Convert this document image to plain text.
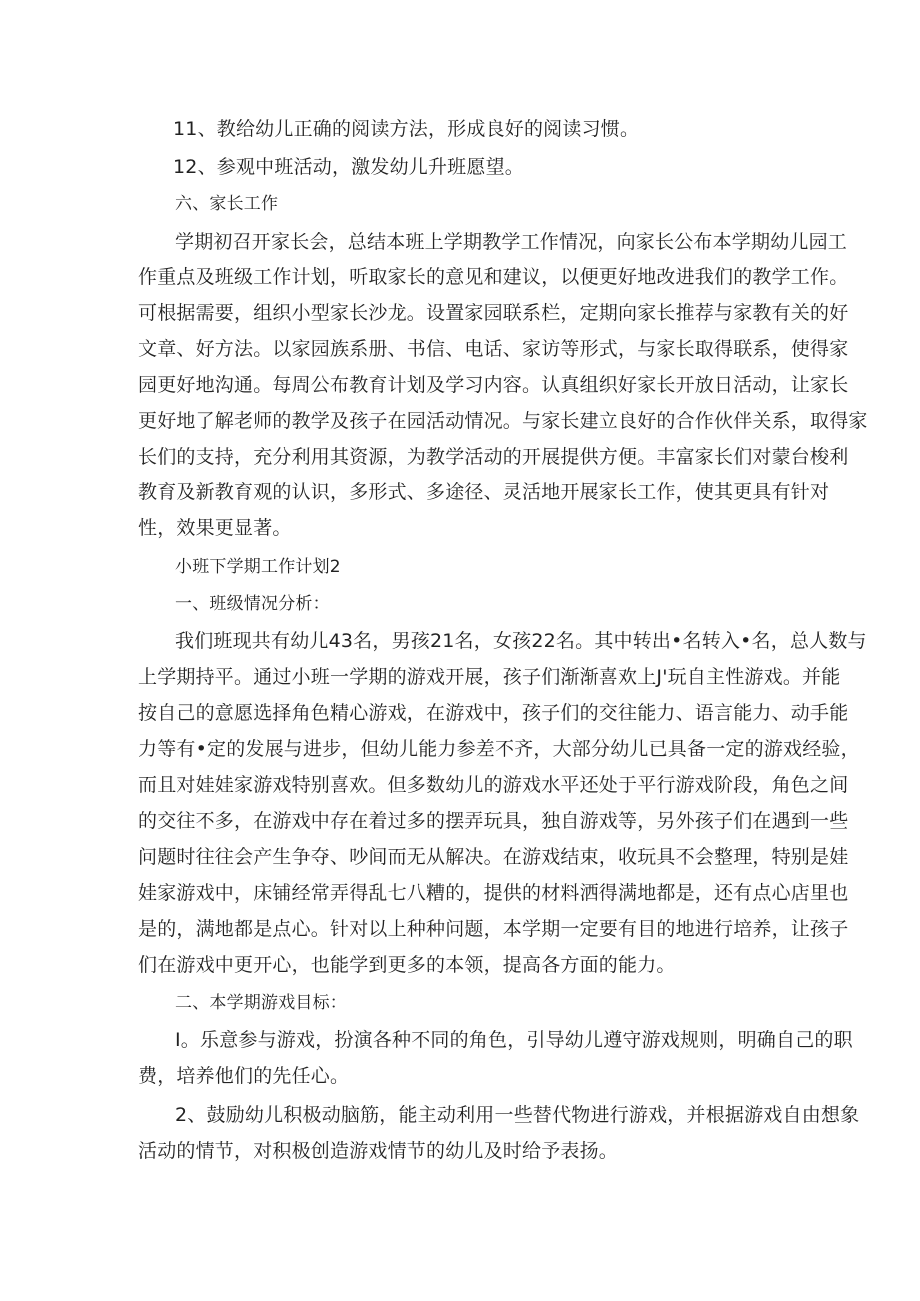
11、教给幼儿正确的阅读方法，形成良好的阅读习惯。
12、参观中班活动，激发幼儿升班愿望。
六、家长工作
学期初召开家长会，总结本班上学期教学工作情况，向家长公布本学期幼儿园工
作重点及班级工作计划，听取家长的意见和建议，以便更好地改进我们的教学工作。
可根据需要，组织小型家长沙龙。设置家园联系栏，定期向家长推荐与家教有关的好
文章、好方法。以家园族系册、书信、电话、家访等形式，与家长取得联系，使得家
园更好地沟通。每周公布教育计划及学习内容。认真组织好家长开放日活动，让家长
更好地了解老师的教学及孩子在园活动情况。与家长建立良好的合作伙伴关系，取得家
长们的支持，充分利用其资源，为教学活动的开展提供方便。丰富家长们对蒙台梭利
教育及新教育观的认识，多形式、多途径、灵活地开展家长工作，使其更具有针对
性，效果更显著。
小班下学期工作计划2
一、班级情况分析：
我们班现共有幼儿43名，男孩21名，女孩22名。其中转出•名转入•名，总人数与
上学期持平。通过小班一学期的游戏开展，孩子们渐渐喜欢上J'玩自主性游戏。并能
按自己的意愿选择角色精心游戏，在游戏中，孩子们的交往能力、语言能力、动手能
力等有•定的发展与进步，但幼儿能力参差不齐，大部分幼儿已具备一定的游戏经验，
而且对娃娃家游戏特别喜欢。但多数幼儿的游戏水平还处于平行游戏阶段，角色之间
的交往不多，在游戏中存在着过多的摆弄玩具，独自游戏等，另外孩子们在遇到一些
问题时往往会产生争夺、吵间而无从解决。在游戏结束，收玩具不会整理，特别是娃
娃家游戏中，床铺经常弄得乱七八糟的，提供的材料洒得满地都是，还有点心店里也
是的，满地都是点心。针对以上种种问题，本学期一定要有目的地进行培养，让孩子
们在游戏中更开心，也能学到更多的本领，提高各方面的能力。
二、本学期游戏目标：
I。乐意参与游戏，扮演各种不同的角色，引导幼儿遵守游戏规则，明确自己的职
费，培养他们的先任心。
2、鼓励幼儿积极动脑筋，能主动利用一些替代物进行游戏，并根据游戏自由想象
活动的情节，对积极创造游戏情节的幼儿及时给予表扬。
